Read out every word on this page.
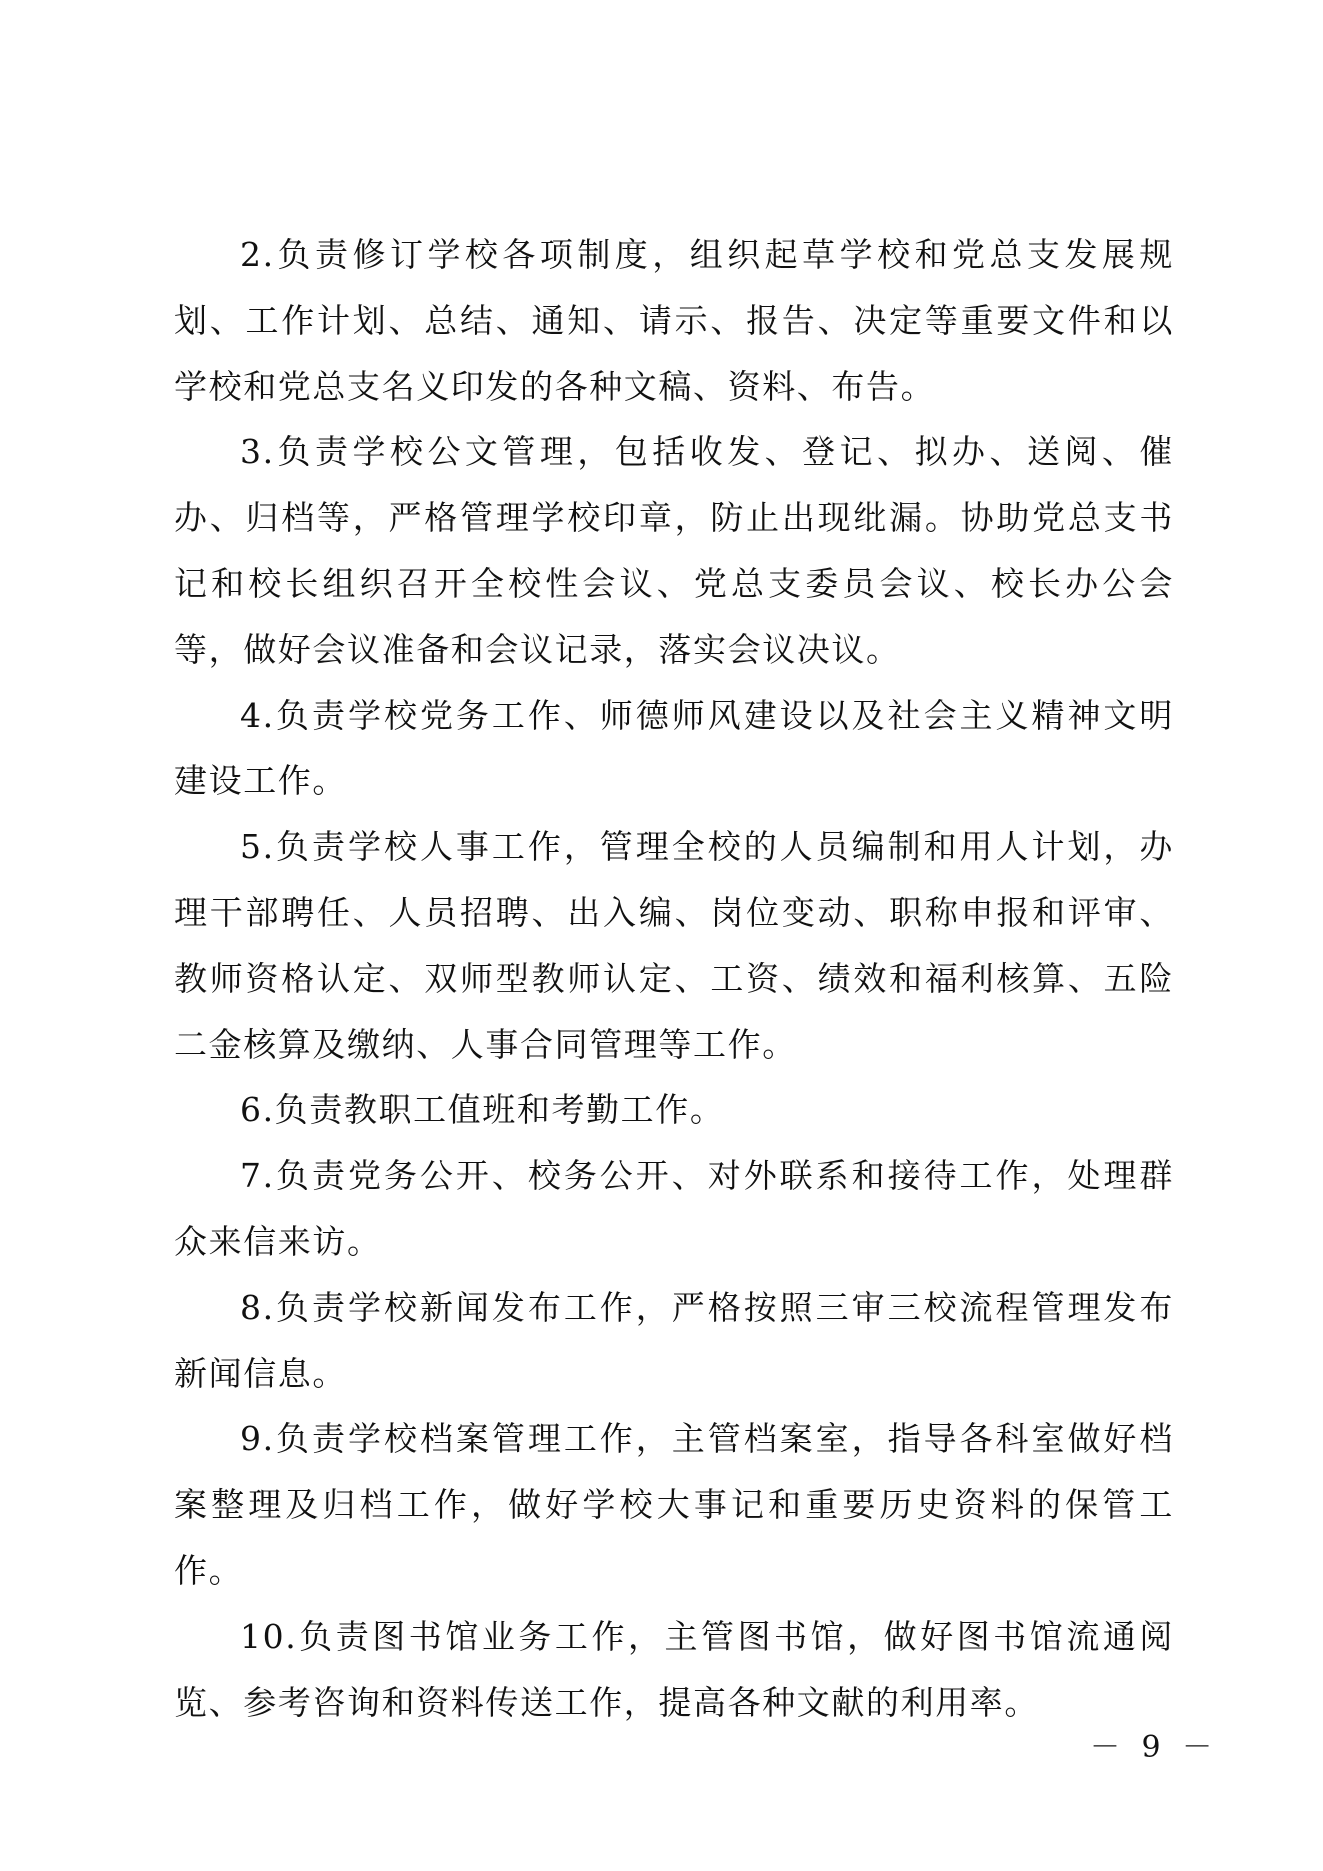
2.负责修订学校各项制度，组织起草学校和党总支发展规划、工作计划、总结、通知、请示、报告、决定等重要文件和以学校和党总支名义印发的各种文稿、资料、布告。

3.负责学校公文管理，包括收发、登记、拟办、送阅、催办、归档等，严格管理学校印章，防止出现纰漏。协助党总支书记和校长组织召开全校性会议、党总支委员会议、校长办公会等，做好会议准备和会议记录，落实会议决议。

4.负责学校党务工作、师德师风建设以及社会主义精神文明建设工作。

5.负责学校人事工作，管理全校的人员编制和用人计划，办理干部聘任、人员招聘、出入编、岗位变动、职称申报和评审、教师资格认定、双师型教师认定、工资、绩效和福利核算、五险二金核算及缴纳、人事合同管理等工作。

6.负责教职工值班和考勤工作。

7.负责党务公开、校务公开、对外联系和接待工作，处理群众来信来访。

8.负责学校新闻发布工作，严格按照三审三校流程管理发布新闻信息。

9.负责学校档案管理工作，主管档案室，指导各科室做好档案整理及归档工作，做好学校大事记和重要历史资料的保管工作。

10.负责图书馆业务工作，主管图书馆，做好图书馆流通阅览、参考咨询和资料传送工作，提高各种文献的利用率。

－ 9 －
